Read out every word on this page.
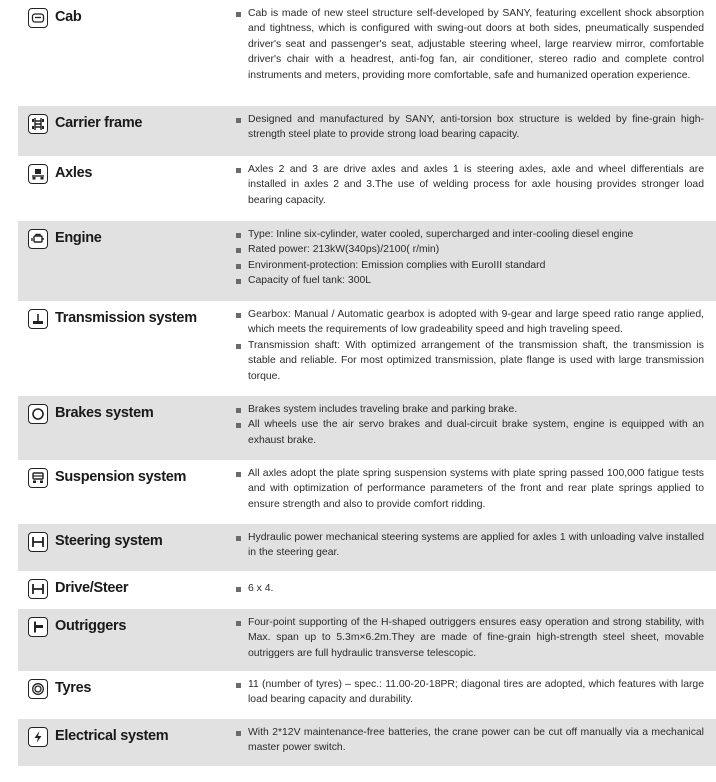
Cab	Cab is made of new steel structure self-developed by SANY, featuring excellent shock absorption and tightness, which is configured with swing-out doors at both sides, pneumatically suspended driver's seat and passenger's seat, adjustable steering wheel, large rearview mirror, comfortable driver's chair with a headrest, anti-fog fan, air conditioner, stereo radio and complete control instruments and meters, providing more comfortable, safe and humanized operation experience.
Carrier frame	Designed and manufactured by SANY, anti-torsion box structure is welded by fine-grain high-strength steel plate to provide strong load bearing capacity.
Axles	Axles 2 and 3 are drive axles and axles 1 is steering axles, axle and wheel differentials are installed in axles 2 and 3.The use of welding process for axle housing provides stronger load bearing capacity.
Engine	Type: Inline six-cylinder, water cooled, supercharged and inter-cooling diesel engine
Rated power: 213kW(340ps)/2100( r/min)
Environment-protection: Emission complies with EuroIII standard
Capacity of fuel tank: 300L
Transmission system	Gearbox: Manual / Automatic gearbox is adopted with 9-gear and large speed ratio range applied, which meets the requirements of low gradeability speed and high traveling speed.
Transmission shaft: With optimized arrangement of the transmission shaft, the transmission is stable and reliable. For most optimized transmission, plate flange is used with large transmission torque.
Brakes system	Brakes system includes traveling brake and parking brake.
All wheels use the air servo brakes and dual-circuit brake system, engine is equipped with an exhaust brake.
Suspension system	All axles adopt the plate spring suspension systems with plate spring passed 100,000 fatigue tests and with optimization of performance parameters of the front and rear plate springs applied to ensure strength and also to provide comfort ridding.
Steering system	Hydraulic power mechanical steering systems are applied for axles 1 with unloading valve installed in the steering gear.
Drive/Steer	6 x 4.
Outriggers	Four-point supporting of the H-shaped outriggers ensures easy operation and strong stability, with Max. span up to 5.3m×6.2m.They are made of fine-grain high-strength steel sheet, movable outriggers are full hydraulic transverse telescopic.
Tyres	11 (number of tyres) – spec.: 11.00-20-18PR; diagonal tires are adopted, which features with large load bearing capacity and durability.
Electrical system	With 2*12V maintenance-free batteries, the crane power can be cut off manually via a mechanical master power switch.
